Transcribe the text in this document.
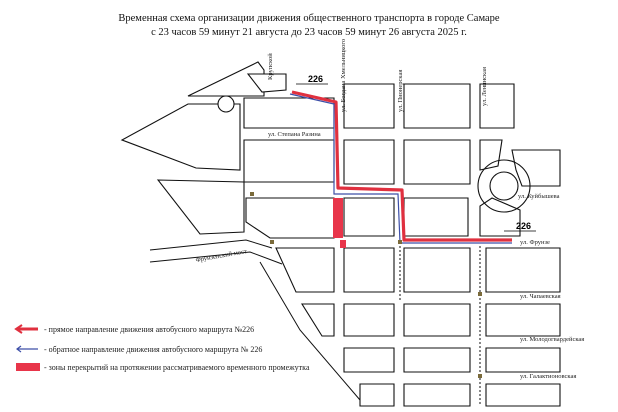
Временная схема организации движения общественного транспорта в городе Самаре
с 23 часов 59 минут 21 августа до 23 часов 59 минут 26 августа 2025 г.
226
226
Крупской	ул. Богдана Хмельницкого
ул. Степана Разина
ул. Пионерская	ул. Ленинская
ул. Куйбышева
ул. Фрунзе
Фрунзенский мост
ул. Чапаевская
ул. Молодогвардейская
ул. Галактионовская
- прямое направление движения автобусного маршрута №226
- обратное направление движения автобусного маршрута № 226
- зоны перекрытий на протяжении рассматриваемого временного промежутка
